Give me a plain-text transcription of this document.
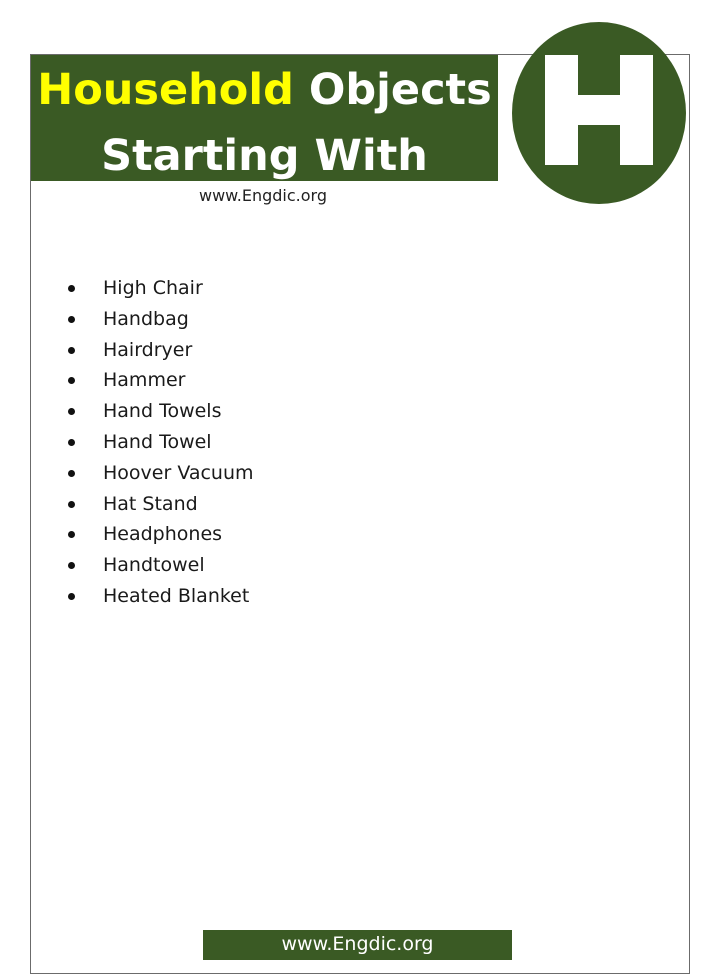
Household Objects
Starting With
www.Engdic.org
High Chair
Handbag
Hairdryer
Hammer
Hand Towels
Hand Towel
Hoover Vacuum
Hat Stand
Headphones
Handtowel
Heated Blanket
www.Engdic.org
